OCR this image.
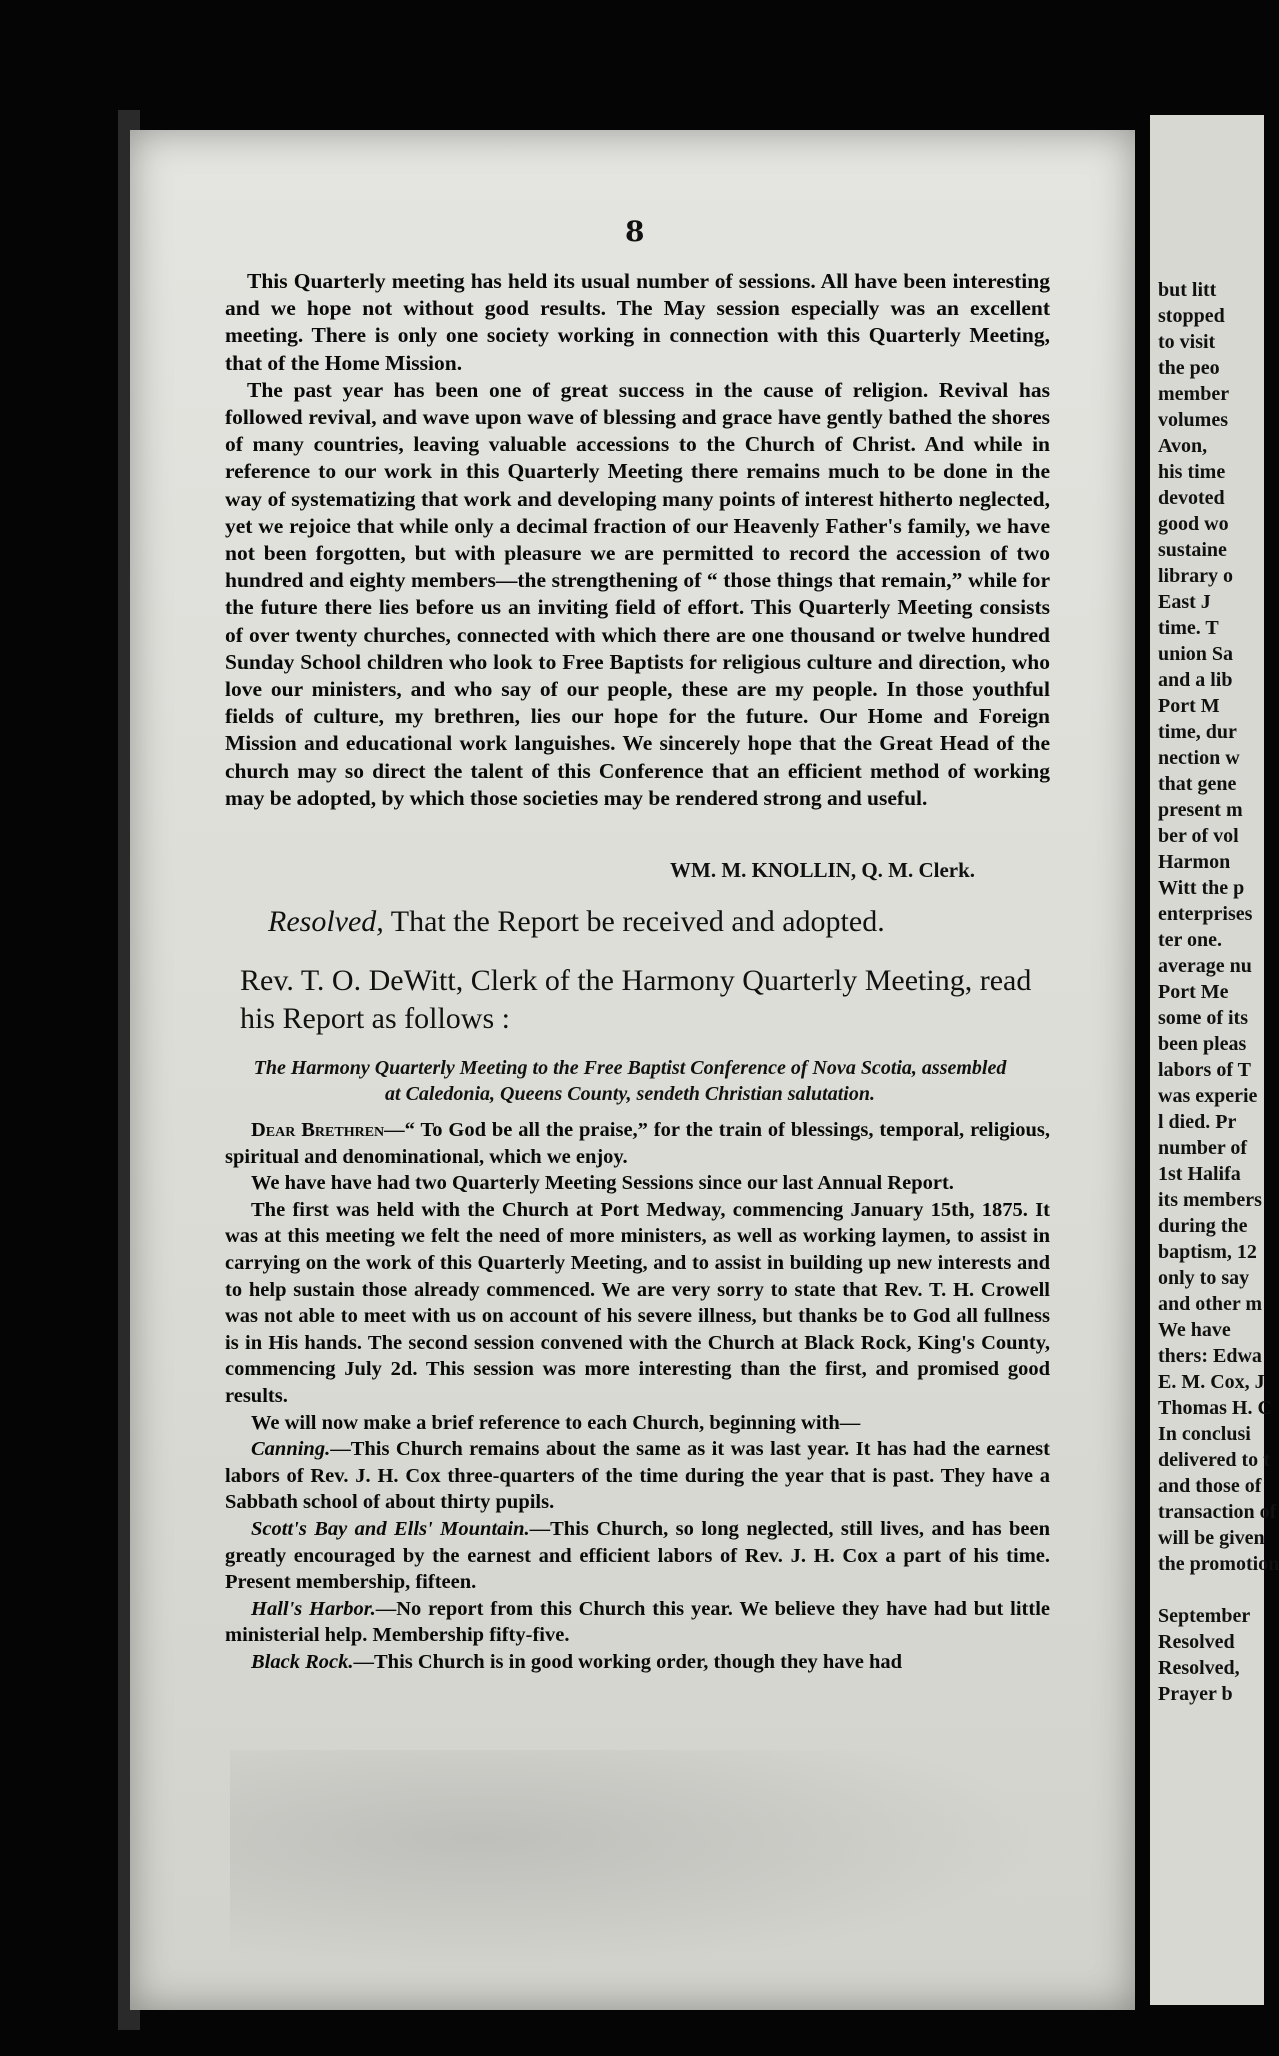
8

This Quarterly meeting has held its usual number of sessions. All have been interesting and we hope not without good results. The May session especially was an excellent meeting. There is only one society working in connection with this Quarterly Meeting, that of the Home Mission.

The past year has been one of great success in the cause of religion. Revival has followed revival, and wave upon wave of blessing and grace have gently bathed the shores of many countries, leaving valuable accessions to the Church of Christ. And while in reference to our work in this Quarterly Meeting there remains much to be done in the way of systematizing that work and developing many points of interest hitherto neglected, yet we rejoice that while only a decimal fraction of our Heavenly Father's family, we have not been forgotten, but with pleasure we are permitted to record the accession of two hundred and eighty members—the strengthening of “ those things that remain,” while for the future there lies before us an inviting field of effort. This Quarterly Meeting consists of over twenty churches, connected with which there are one thousand or twelve hundred Sunday School children who look to Free Baptists for religious culture and direction, who love our ministers, and who say of our people, these are my people. In those youthful fields of culture, my brethren, lies our hope for the future. Our Home and Foreign Mission and educational work languishes. We sincerely hope that the Great Head of the church may so direct the talent of this Conference that an efficient method of working may be adopted, by which those societies may be rendered strong and useful.

WM. M. KNOLLIN, Q. M. Clerk.
Resolved, That the Report be received and adopted.
Rev. T. O. DeWitt, Clerk of the Harmony Quarterly Meeting, read his Report as follows :
The Harmony Quarterly Meeting to the Free Baptist Conference of Nova Scotia, assembled at Caledonia, Queens County, sendeth Christian salutation.

Dear Brethren—“ To God be all the praise,” for the train of blessings, temporal, religious, spiritual and denominational, which we enjoy.

We have have had two Quarterly Meeting Sessions since our last Annual Report.

The first was held with the Church at Port Medway, commencing January 15th, 1875. It was at this meeting we felt the need of more ministers, as well as working laymen, to assist in carrying on the work of this Quarterly Meeting, and to assist in building up new interests and to help sustain those already commenced. We are very sorry to state that Rev. T. H. Crowell was not able to meet with us on account of his severe illness, but thanks be to God all fullness is in His hands. The second session convened with the Church at Black Rock, King's County, commencing July 2d. This session was more interesting than the first, and promised good results.

We will now make a brief reference to each Church, beginning with—

Canning.—This Church remains about the same as it was last year. It has had the earnest labors of Rev. J. H. Cox three-quarters of the time during the year that is past. They have a Sabbath school of about thirty pupils.

Scott's Bay and Ells' Mountain.—This Church, so long neglected, still lives, and has been greatly encouraged by the earnest and efficient labors of Rev. J. H. Cox a part of his time. Present membership, fifteen.

Hall's Harbor.—No report from this Church this year. We believe they have had but little ministerial help. Membership fifty-five.

Black Rock.—This Church is in good working order, though they have had

but litt
stopped
to visit
the peo
member
volumes
Avon,
his time
devoted
good wo
sustaine
library o
East J
time. T
union Sa
and a lib
Port M
time, dur
nection w
that gene
present m
ber of vol
Harmon
Witt the p
enterprises
ter one.
average nu
Port Me
some of its
been pleas
labors of T
was experie
l died. Pr
number of
1st Halifa
its members
during the
baptism, 12
only to say
and other m
We have
thers: Edwa
E. M. Cox, J
Thomas H. C
In conclusi
delivered to t
and those of
transaction of
will be given
the promotion

September
Resolved
Resolved,
Prayer b
